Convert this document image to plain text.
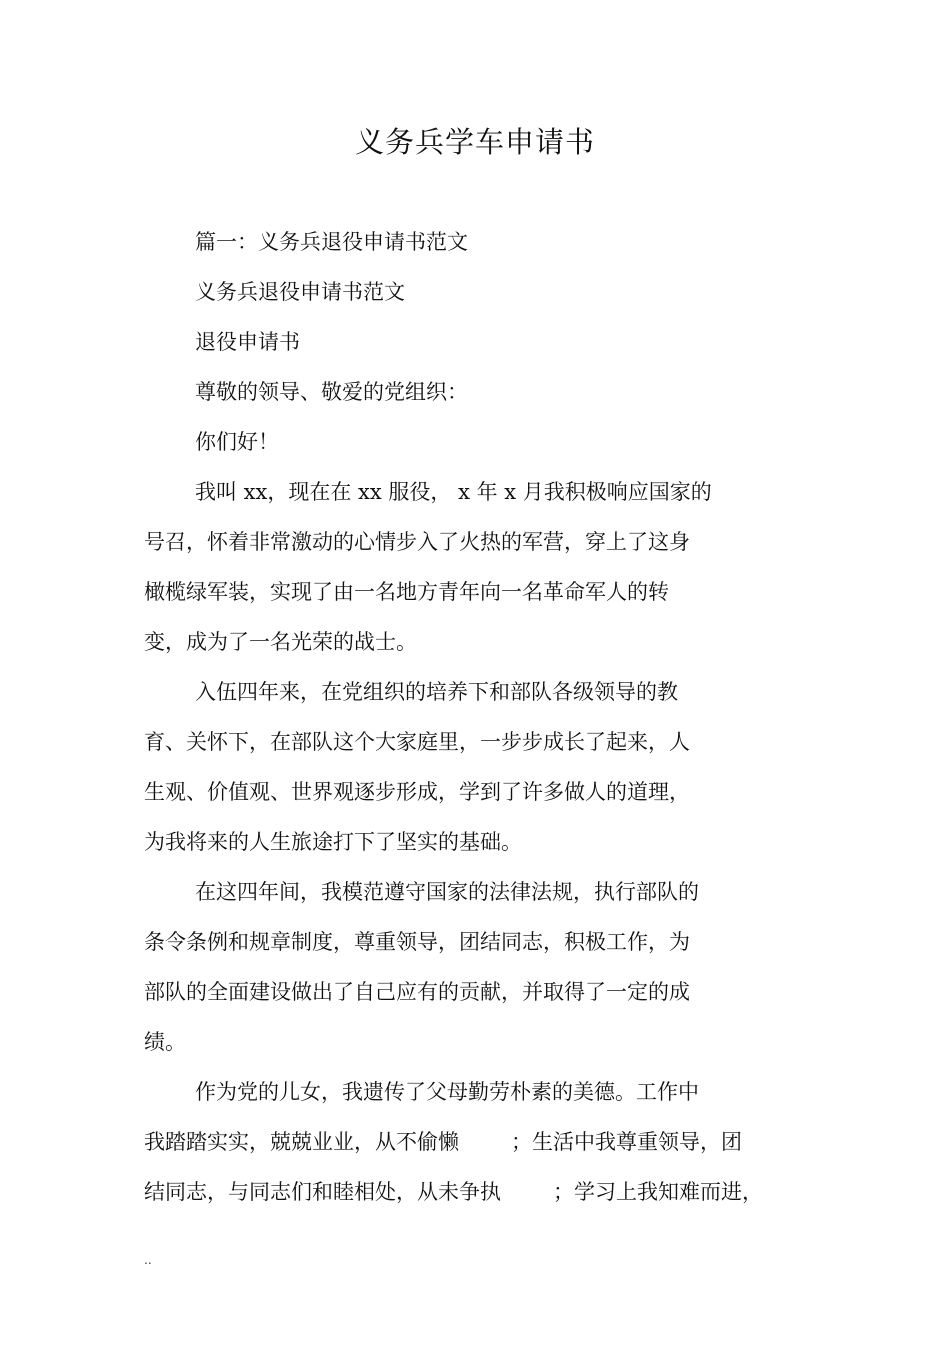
义务兵学车申请书

篇一：义务兵退役申请书范文

义务兵退役申请书范文

退役申请书

尊敬的领导、敬爱的党组织：

你们好！

我叫 xx，现在在 xx 服役， x 年 x 月我积极响应国家的

号召，怀着非常激动的心情步入了火热的军营，穿上了这身

橄榄绿军装，实现了由一名地方青年向一名革命军人的转

变，成为了一名光荣的战士。

入伍四年来，在党组织的培养下和部队各级领导的教

育、关怀下，在部队这个大家庭里，一步步成长了起来，人

生观、价值观、世界观逐步形成，学到了许多做人的道理，

为我将来的人生旅途打下了坚实的基础。

在这四年间，我模范遵守国家的法律法规，执行部队的

条令条例和规章制度，尊重领导，团结同志，积极工作，为

部队的全面建设做出了自己应有的贡献，并取得了一定的成

绩。

作为党的儿女，我遗传了父母勤劳朴素的美德。工作中

我踏踏实实，兢兢业业，从不偷懒 ；生活中我尊重领导，团

结同志，与同志们和睦相处，从未争执 ；学习上我知难而进，

..
